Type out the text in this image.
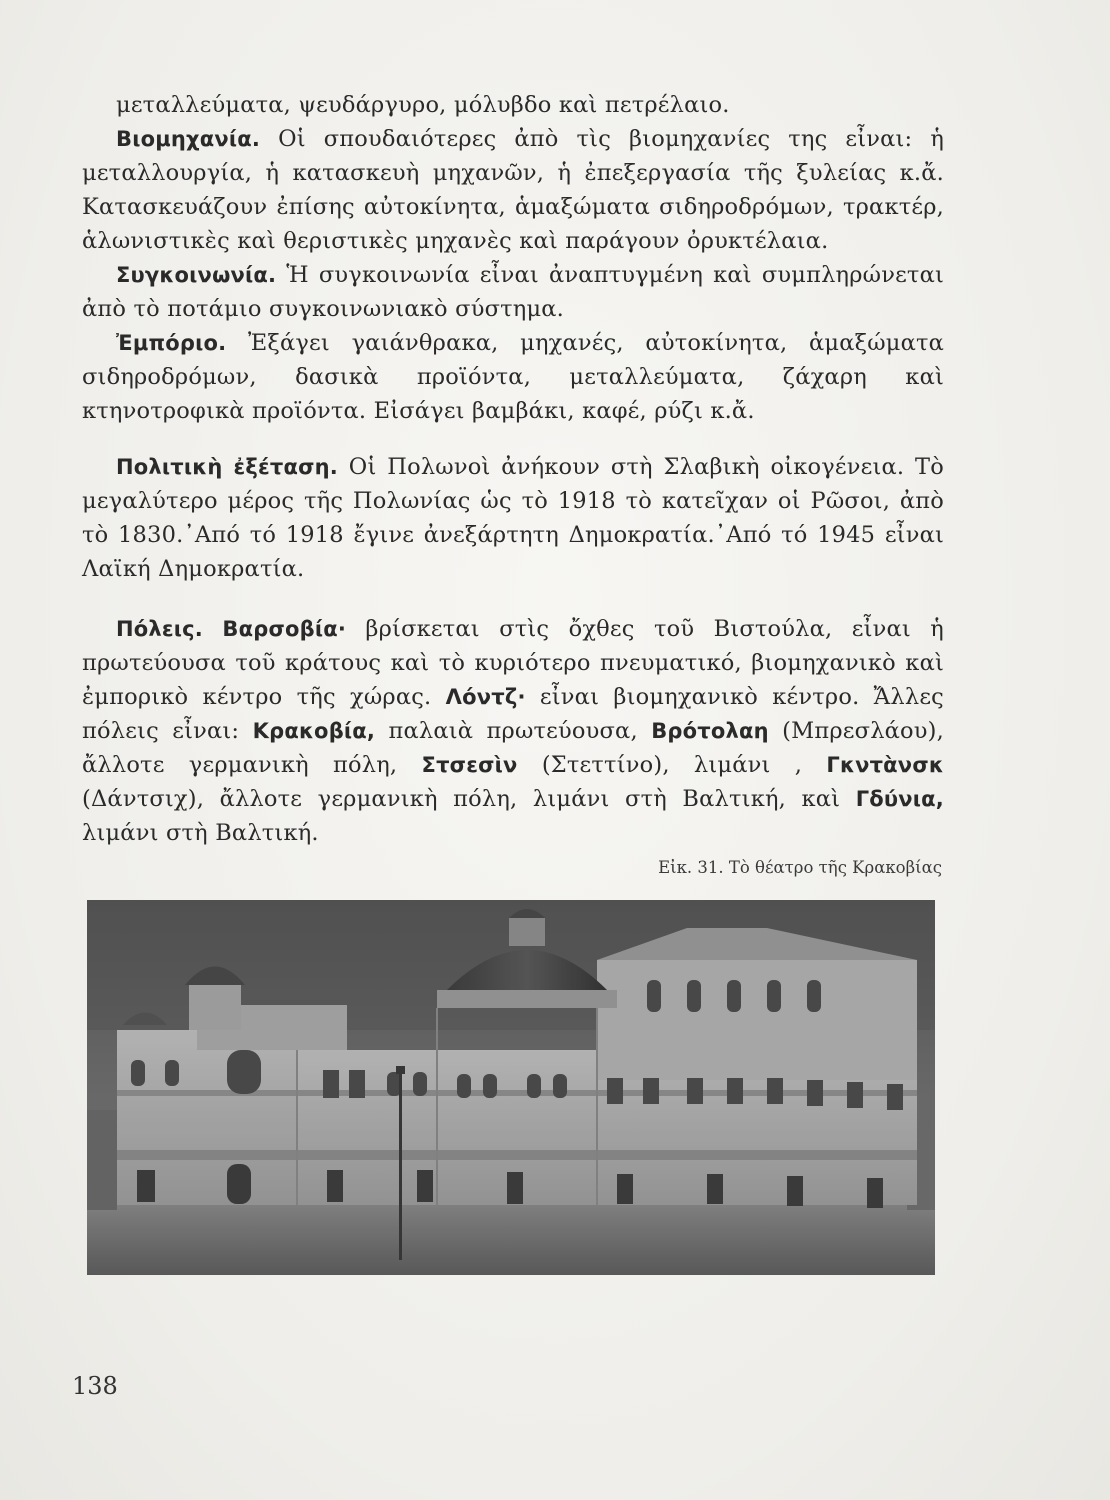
μεταλλεύματα, ψευδάργυρο, μόλυβδο καὶ πετρέλαιο.
Βιομηχανία. Οἱ σπουδαιότερες ἀπὸ τὶς βιομηχανίες της εἶναι: ἡ μεταλλουργία, ἡ κατασκευὴ μηχανῶν, ἡ ἐπεξεργασία τῆς ξυλείας κ.ἄ. Κατασκευάζουν ἐπίσης αὐτοκίνητα, ἁμαξώματα σιδηροδρόμων, τρακτέρ, ἁλωνιστικὲς καὶ θεριστικὲς μηχανὲς καὶ παράγουν ὀρυκτέλαια.
Συγκοινωνία. Ἡ συγκοινωνία εἶναι ἀναπτυγμένη καὶ συμπληρώνεται ἀπὸ τὸ ποτάμιο συγκοινωνιακὸ σύστημα.
Ἐμπόριο. Ἐξάγει γαιάνθρακα, μηχανές, αὐτοκίνητα, ἁμαξώματα σιδηροδρόμων, δασικὰ προϊόντα, μεταλλεύματα, ζάχαρη καὶ κτηνοτροφικὰ προϊόντα. Εἰσάγει βαμβάκι, καφέ, ρύζι κ.ἄ.
Πολιτικὴ ἐξέταση. Οἱ Πολωνοὶ ἀνήκουν στὴ Σλαβικὴ οἰκογένεια. Τὸ μεγαλύτερο μέρος τῆς Πολωνίας ὡς τὸ 1918 τὸ κατεῖχαν οἱ Ρῶσοι, ἀπὸ τὸ 1830.᾿Από τό 1918 ἔγινε ἀνεξάρτητη Δημοκρατία.᾿Από τό 1945 εἶναι Λαϊκή Δημοκρατία.
Πόλεις. Βαρσοβία· βρίσκεται στὶς ὄχθες τοῦ Βιστούλα, εἶναι ἡ πρωτεύουσα τοῦ κράτους καὶ τὸ κυριότερο πνευματικό, βιομηχανικὸ καὶ ἐμπορικὸ κέντρο τῆς χώρας. Λόντζ· εἶναι βιομηχανικὸ κέντρο. Ἄλλες πόλεις εἶναι: Κρακοβία, παλαιὰ πρωτεύουσα, Βρότολαη (Μπρεσλάου), ἄλλοτε γερμανικὴ πόλη, Στσεσὶν (Στεττίνο), λιμάνι , Γκντὰνσκ (Δάντσιχ), ἄλλοτε γερμανικὴ πόλη, λιμάνι στὴ Βαλτική, καὶ Γδύνια, λιμάνι στὴ Βαλτική.
Εἰκ. 31. Τὸ θέατρο τῆς Κρακοβίας
138
